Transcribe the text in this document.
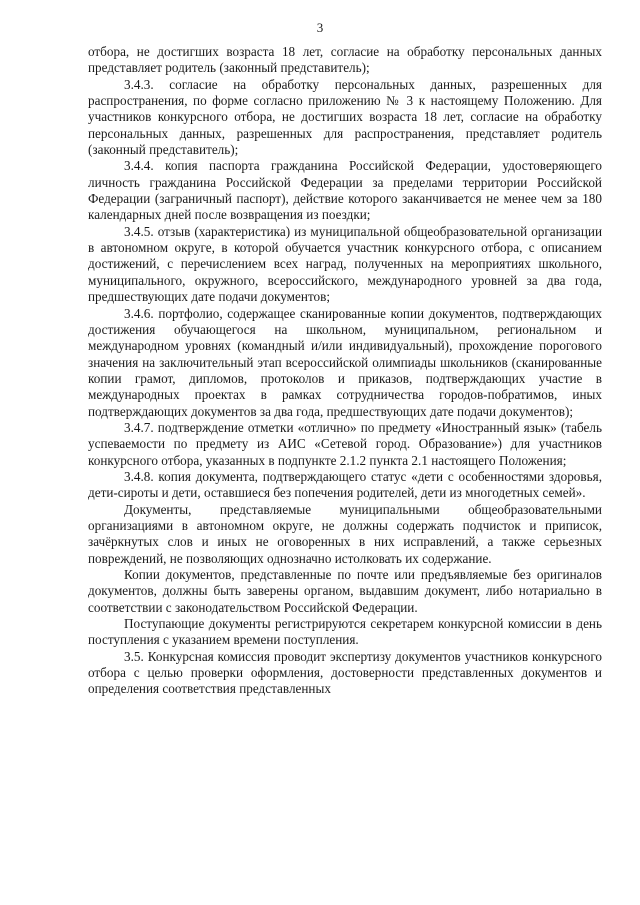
3

отбора, не достигших возраста 18 лет, согласие на обработку персональных данных представляет родитель (законный представитель);

3.4.3. согласие на обработку персональных данных, разрешенных для распространения, по форме согласно приложению № 3 к настоящему Положению. Для участников конкурсного отбора, не достигших возраста 18 лет, согласие на обработку персональных данных, разрешенных для распространения, представляет родитель (законный представитель);

3.4.4. копия паспорта гражданина Российской Федерации, удостоверяющего личность гражданина Российской Федерации за пределами территории Российской Федерации (заграничный паспорт), действие которого заканчивается не менее чем за 180 календарных дней после возвращения из поездки;

3.4.5. отзыв (характеристика) из муниципальной общеобразовательной организации в автономном округе, в которой обучается участник конкурсного отбора, с описанием достижений, с перечислением всех наград, полученных на мероприятиях школьного, муниципального, окружного, всероссийского, международного уровней за два года, предшествующих дате подачи документов;

3.4.6. портфолио, содержащее сканированные копии документов, подтверждающих достижения обучающегося на школьном, муниципальном, региональном и международном уровнях (командный и/или индивидуальный), прохождение порогового значения на заключительный этап всероссийской олимпиады школьников (сканированные копии грамот, дипломов, протоколов и приказов, подтверждающих участие в международных проектах в рамках сотрудничества городов-побратимов, иных подтверждающих документов за два года, предшествующих дате подачи документов);

3.4.7. подтверждение отметки «отлично» по предмету «Иностранный язык» (табель успеваемости по предмету из АИС «Сетевой город. Образование») для участников конкурсного отбора, указанных в подпункте 2.1.2 пункта 2.1 настоящего Положения;

3.4.8. копия документа, подтверждающего статус «дети с особенностями здоровья, дети-сироты и дети, оставшиеся без попечения родителей, дети из многодетных семей».

Документы, представляемые муниципальными общеобразовательными организациями в автономном округе, не должны содержать подчисток и приписок, зачёркнутых слов и иных не оговоренных в них исправлений, а также серьезных повреждений, не позволяющих однозначно истолковать их содержание.

Копии документов, представленные по почте или предъявляемые без оригиналов документов, должны быть заверены органом, выдавшим документ, либо нотариально в соответствии с законодательством Российской Федерации.

Поступающие документы регистрируются секретарем конкурсной комиссии в день поступления с указанием времени поступления.

3.5. Конкурсная комиссия проводит экспертизу документов участников конкурсного отбора с целью проверки оформления, достоверности представленных документов и определения соответствия представленных
